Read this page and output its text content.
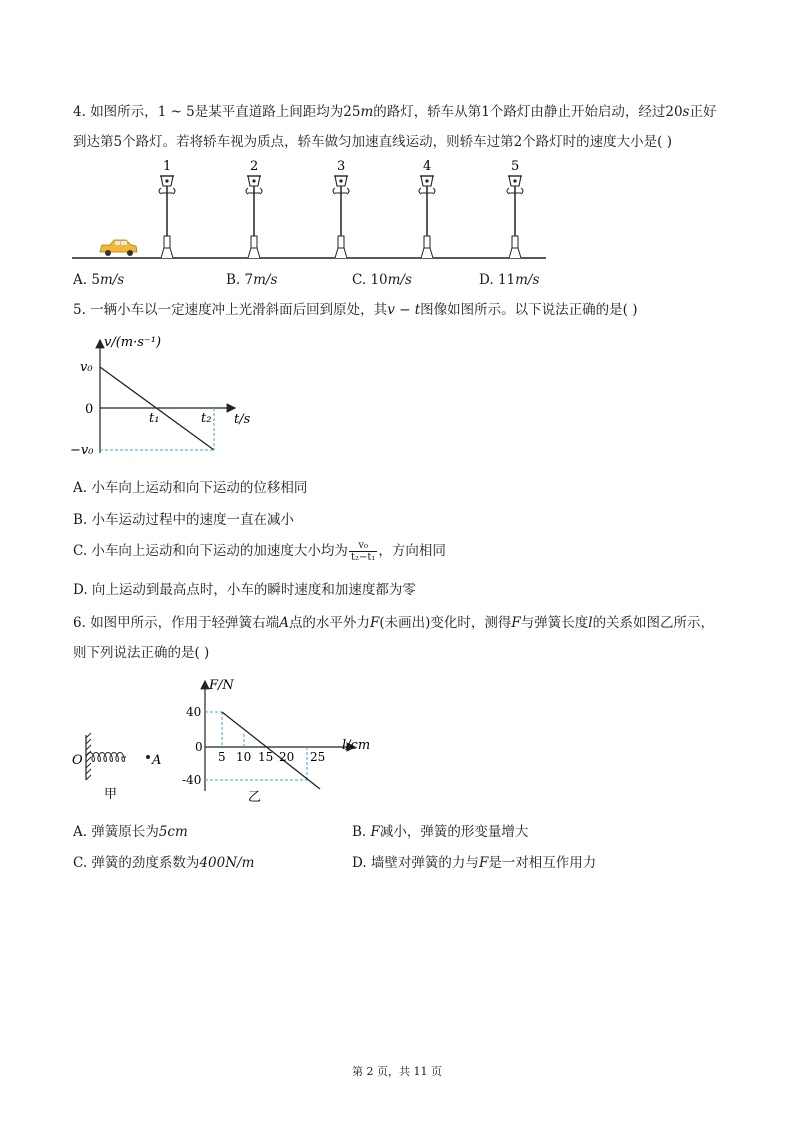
4. 如图所示，1 ~ 5是某平直道路上间距均为25m的路灯，轿车从第1个路灯由静止开始启动，经过20s正好
到达第5个路灯。若将轿车视为质点，轿车做匀加速直线运动，则轿车过第2个路灯时的速度大小是( )
1	2	3	4	5
A. 5m/s	B. 7m/s	C. 10m/s	D. 11m/s
5. 一辆小车以一定速度冲上光滑斜面后回到原处，其v − t图像如图所示。以下说法正确的是( )
v/(m·s⁻¹)
v₀
0
−v₀
t₁	t₂ t/s
A. 小车向上运动和向下运动的位移相同
B. 小车运动过程中的速度一直在减小
C. 小车向上运动和向下运动的加速度大小均为 $\frac{\text{v₀}}{\text{t₂−t₁}}$ ，方向相同
D. 向上运动到最高点时，小车的瞬时速度和加速度都为零
6. 如图甲所示，作用于轻弹簧右端A点的水平外力F(未画出)变化时，测得F与弹簧长度l的关系如图乙所示，
则下列说法正确的是( )
O	A
甲
F/N
l/cm
40
0
-40
5 10 15 20 25
乙
A. 弹簧原长为5cm	B. F减小，弹簧的形变量增大
C. 弹簧的劲度系数为400N/m	D. 墙壁对弹簧的力与F是一对相互作用力
第 2 页，共 11 页
